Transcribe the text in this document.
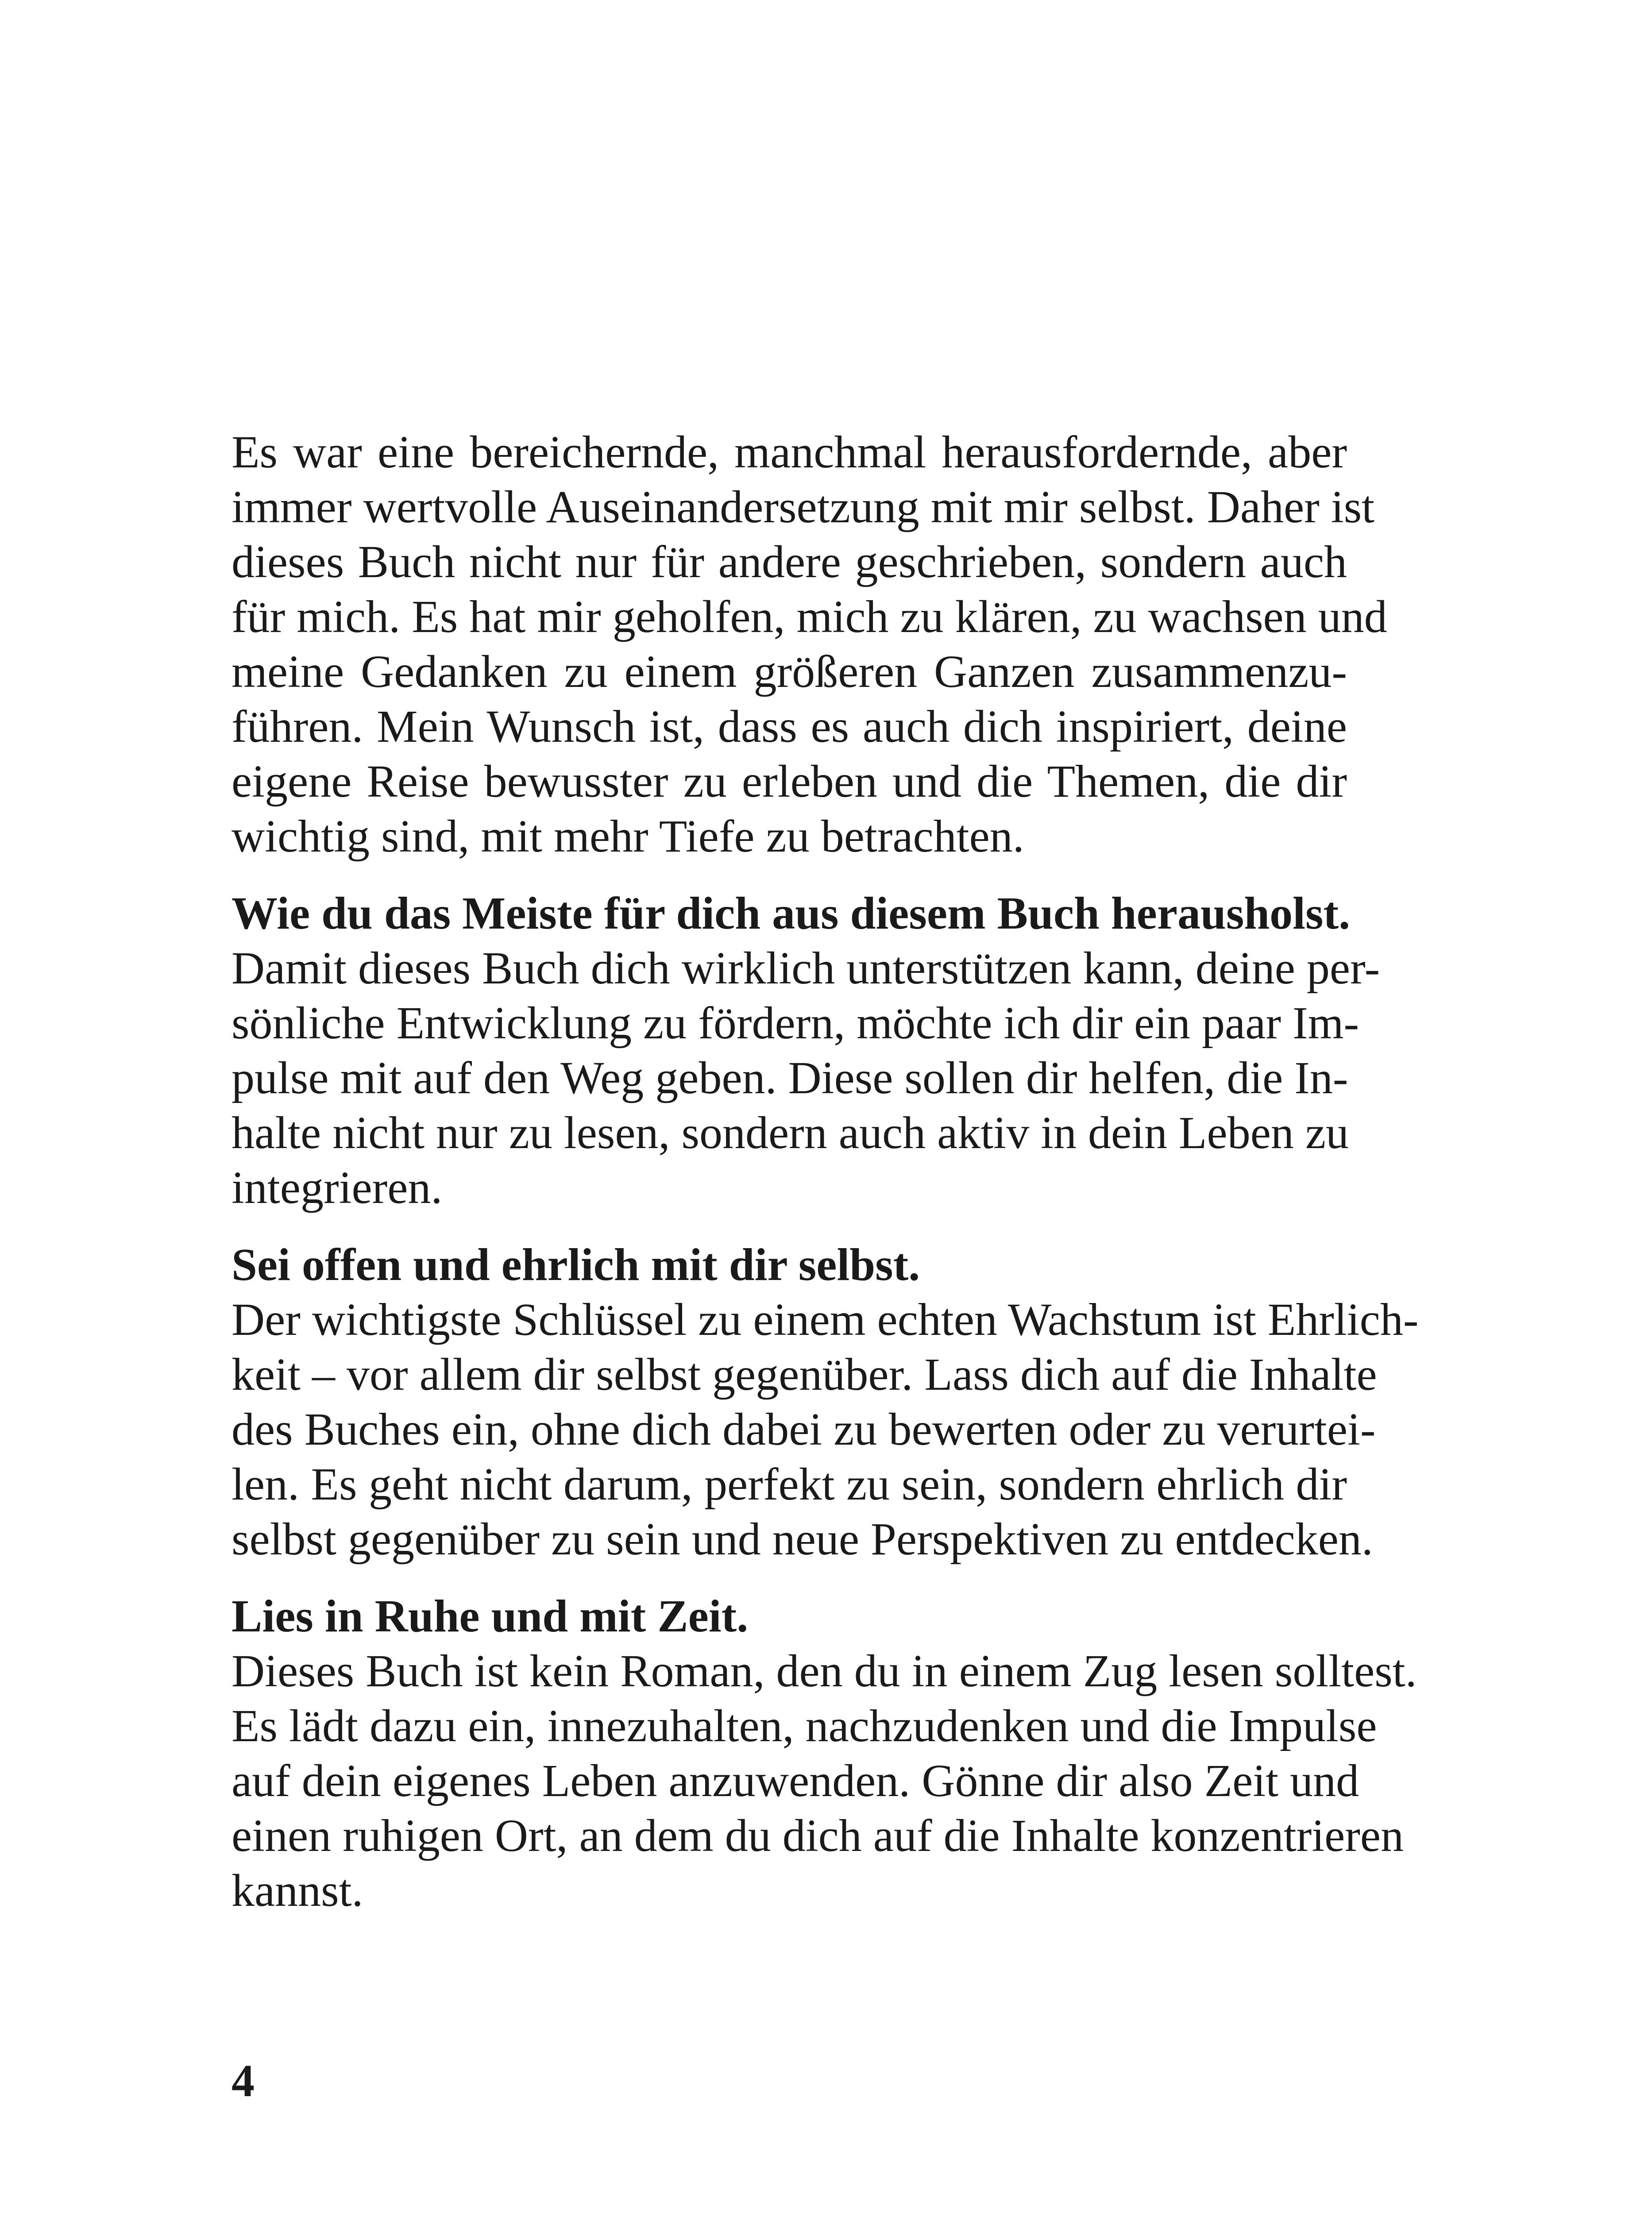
Es war eine bereichernde, manchmal herausfordernde, aber
immer wertvolle Auseinandersetzung mit mir selbst. Daher ist
dieses Buch nicht nur für andere geschrieben, sondern auch
für mich. Es hat mir geholfen, mich zu klären, zu wachsen und
meine Gedanken zu einem größeren Ganzen zusammenzu-
führen. Mein Wunsch ist, dass es auch dich inspiriert, deine
eigene Reise bewusster zu erleben und die Themen, die dir
wichtig sind, mit mehr Tiefe zu betrachten.
Wie du das Meiste für dich aus diesem Buch herausholst.
Damit dieses Buch dich wirklich unterstützen kann, deine per-
sönliche Entwicklung zu fördern, möchte ich dir ein paar Im-
pulse mit auf den Weg geben. Diese sollen dir helfen, die In-
halte nicht nur zu lesen, sondern auch aktiv in dein Leben zu
integrieren.
Sei offen und ehrlich mit dir selbst.
Der wichtigste Schlüssel zu einem echten Wachstum ist Ehrlich-
keit – vor allem dir selbst gegenüber. Lass dich auf die Inhalte
des Buches ein, ohne dich dabei zu bewerten oder zu verurtei-
len. Es geht nicht darum, perfekt zu sein, sondern ehrlich dir
selbst gegenüber zu sein und neue Perspektiven zu entdecken.
Lies in Ruhe und mit Zeit.
Dieses Buch ist kein Roman, den du in einem Zug lesen solltest.
Es lädt dazu ein, innezuhalten, nachzudenken und die Impulse
auf dein eigenes Leben anzuwenden. Gönne dir also Zeit und
einen ruhigen Ort, an dem du dich auf die Inhalte konzentrieren
kannst.
4
